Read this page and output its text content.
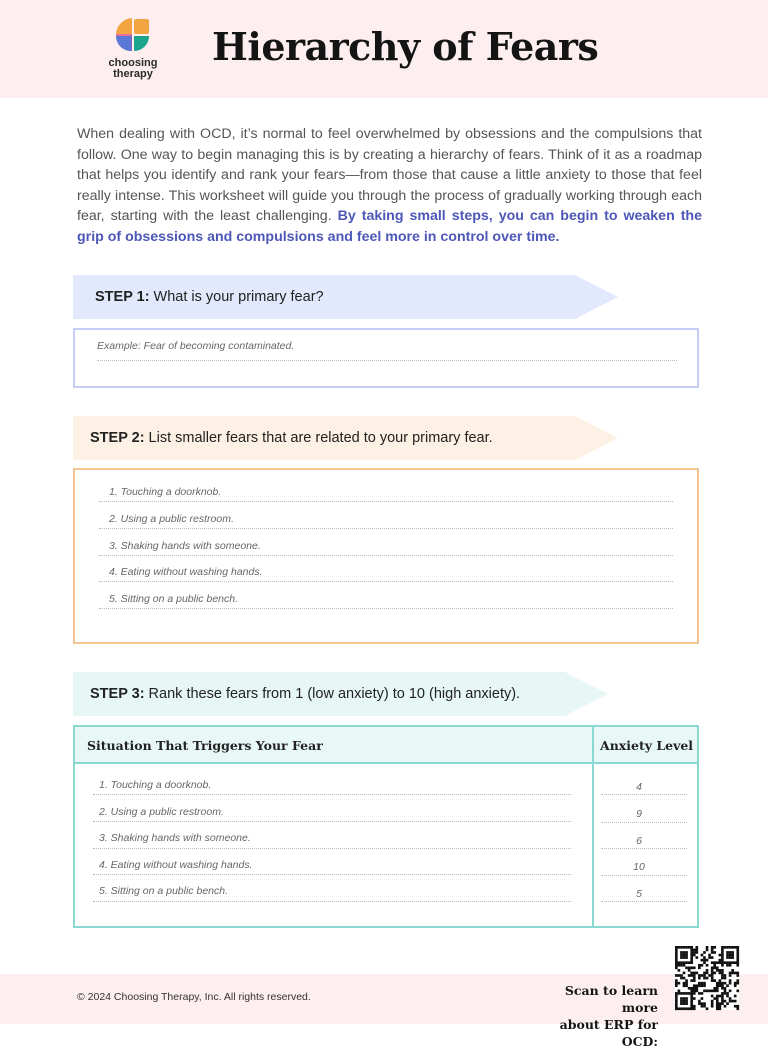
choosing
therapy
Hierarchy of Fears

When dealing with OCD, it’s normal to feel overwhelmed by obsessions and the compulsions that follow. One way to begin managing this is by creating a hierarchy of fears. Think of it as a roadmap that helps you identify and rank your fears—from those that cause a little anxiety to those that feel really intense. This worksheet will guide you through the process of gradually working through each fear, starting with the least challenging. By taking small steps, you can begin to weaken the grip of obsessions and compulsions and feel more in control over time.

STEP 1: What is your primary fear?
Example: Fear of becoming contaminated.
STEP 2: List smaller fears that are related to your primary fear.
1. Touching a doorknob.
2. Using a public restroom.
3. Shaking hands with someone.
4. Eating without washing hands.
5. Sitting on a public bench.
STEP 3: Rank these fears from 1 (low anxiety) to 10 (high anxiety).
Situation That Triggers Your Fear	Anxiety Level
1. Touching a doorknob.	4
2. Using a public restroom.	9
3. Shaking hands with someone.	6
4. Eating without washing hands.	10
5. Sitting on a public bench.	5
© 2024 Choosing Therapy, Inc. All rights reserved.	Scan to learn more
about ERP for OCD:
